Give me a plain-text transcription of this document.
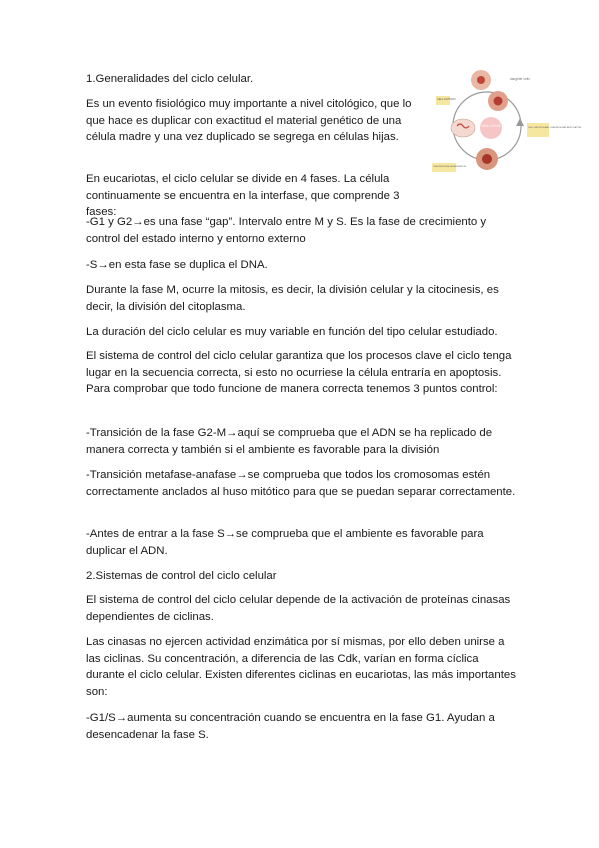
1.Generalidades del ciclo celular.

Es un evento fisiológico muy importante a nivel citológico, que lo que hace es duplicar con exactitud el material genético de una célula madre y una vez duplicado se segrega en células hijas.

En eucariotas, el ciclo celular se divide en 4 fases. La célula continuamente se encuentra en la interfase, que comprende 3 fases:

-G1 y G2→es una fase “gap”. Intervalo entre M y S. Es la fase de crecimiento y control del estado interno y entorno externo

-S→en esta fase se duplica el DNA.

Durante la fase M, ocurre la mitosis, es decir, la división celular y la citocinesis, es decir, la división del citoplasma.

La duración del ciclo celular es muy variable en función del tipo celular estudiado.

El sistema de control del ciclo celular garantiza que los procesos clave el ciclo tenga lugar en la secuencia correcta, si esto no ocurriese la célula entraría en apoptosis. Para comprobar que todo funcione de manera correcta tenemos 3 puntos control:

-Transición de la fase G2-M→aquí se comprueba que el ADN se ha replicado de manera correcta y también si el ambiente es favorable para la división

-Transición metafase-anafase→se comprueba que todos los cromosomas estén correctamente anclados al huso mitótico para que se puedan separar correctamente.

-Antes de entrar a la fase S→se comprueba que el ambiente es favorable para duplicar el ADN.

2.Sistemas de control del ciclo celular

El sistema de control del ciclo celular depende de la activación de proteínas cinasas dependientes de ciclinas.

Las cinasas no ejercen actividad enzimática por sí mismas, por ello deben unirse a las ciclinas. Su concentración, a diferencia de las Cdk, varían en forma cíclica durante el ciclo celular. Existen diferentes ciclinas en eucariotas, las más importantes son:

-G1/S→aumenta su concentración cuando se encuentra en la fase G1. Ayudan a desencadenar la fase S.

CELL CYCLE
daughter cells
CELL DIVISION
CELL GROWTH AND CHROMOSOME REPLICATION
CHROMOSOME SEGREGATION
